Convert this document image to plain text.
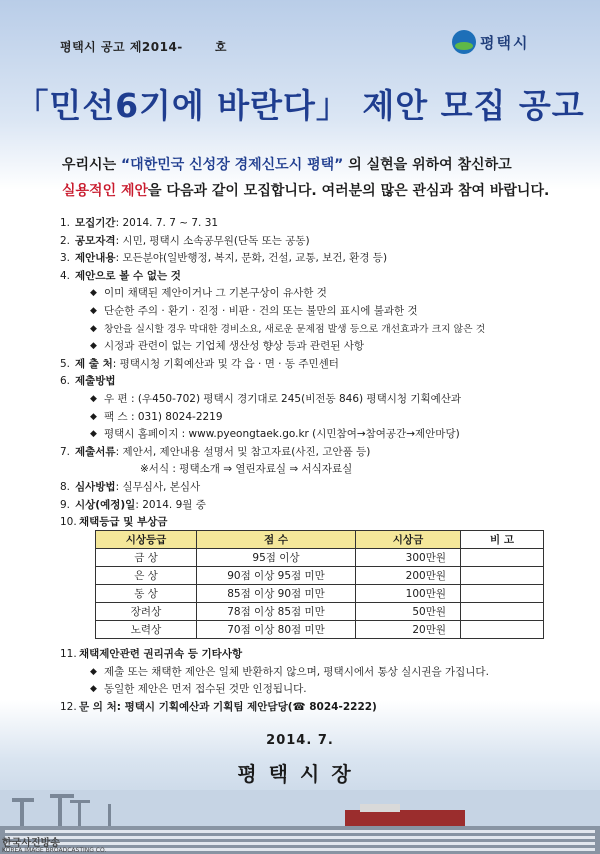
평택시 공고 제2014-	호	평택시
「민선6기에 바란다」 제안 모집 공고
우리시는 “대한민국 신성장 경제신도시 평택” 의 실현을 위하여 참신하고
실용적인 제안을 다음과 같이 모집합니다. 여러분의 많은 관심과 참여 바랍니다.
1. 모집기간 : 2014. 7. 7 ~ 7. 31
2. 공모자격 : 시민, 평택시 소속공무원(단독 또는 공동)
3. 제안내용 : 모든분야(일반행정, 복지, 문화, 건설, 교통, 보건, 환경 등)
4. 제안으로 볼 수 없는 것
◆ 이미 채택된 제안이거나 그 기본구상이 유사한 것
◆ 단순한 주의 · 환기 · 진정 · 비판 · 건의 또는 불만의 표시에 불과한 것
◆ 창안을 실시할 경우 막대한 경비소요, 새로운 문제점 발생 등으로 개선효과가 크지 않은 것
◆ 시정과 관련이 없는 기업체 생산성 향상 등과 관련된 사항
5. 제 출 처 : 평택시청 기획예산과 및 각 읍 · 면 · 동 주민센터
6. 제출방법
◆ 우 편 : (우450-702) 평택시 경기대로 245(비전동 846) 평택시청 기획예산과
◆ 팩 스 : 031) 8024-2219
◆ 평택시 홈페이지 : www.pyeongtaek.go.kr (시민참여→참여공간→제안마당)
7. 제출서류 : 제안서, 제안내용 설명서 및 참고자료(사진, 고안품 등)
※서식 : 평택소개 ⇒ 열린자료실 ⇒ 서식자료실
8. 심사방법 : 실무심사, 본심사
9. 시상(예정)일 : 2014. 9월 중
10. 채택등급 및 부상금
시상등급	점 수	시상금	비 고
금 상	95점 이상	300만원	
은 상	90점 이상 95점 미만	200만원	
동 상	85점 이상 90점 미만	100만원	
장려상	78점 이상 85점 미만	50만원	
노력상	70점 이상 80점 미만	20만원	
11. 채택제안관련 권리귀속 등 기타사항
◆ 제출 또는 채택한 제안은 일체 반환하지 않으며, 평택시에서 통상 실시권을 가집니다.
◆ 동일한 제안은 먼저 접수된 것만 인정됩니다.
12. 문 의 처 : 평택시 기획예산과 기획팀 제안담당(☎ 8024-2222)
2014. 7.
평택시장
한국사진방송
KOREA IMAGE BROADCASTING CO.
